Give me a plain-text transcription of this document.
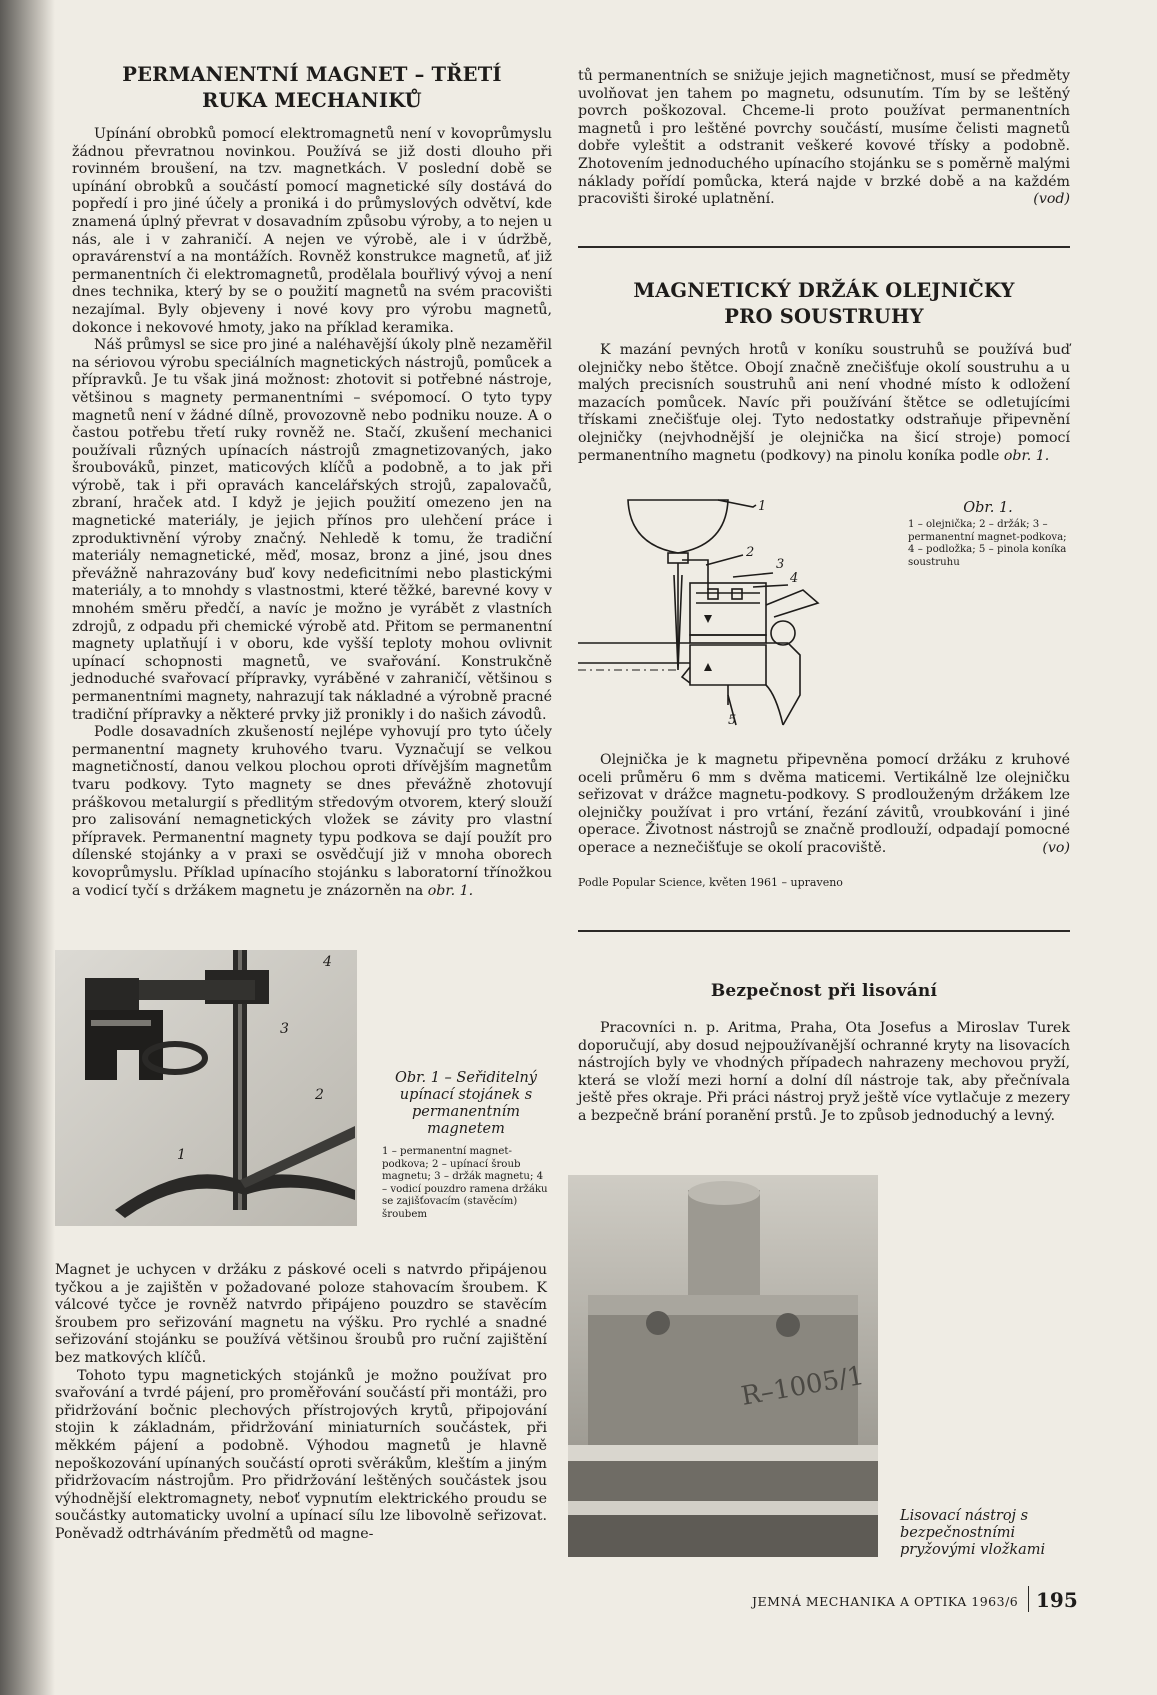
PERMANENTNÍ MAGNET – TŘETÍ RUKA MECHANIKŮ

Upínání obrobků pomocí elektromagnetů není v kovoprůmyslu žádnou převratnou novinkou. Používá se již dosti dlouho při rovinném broušení, na tzv. magnetkách. V poslední době se upínání obrobků a součástí pomocí magnetické síly dostává do popředí i pro jiné účely a proniká i do průmyslových odvětví, kde znamená úplný převrat v dosavadním způsobu výroby, a to nejen u nás, ale i v zahraničí. A nejen ve výrobě, ale i v údržbě, opravárenství a na montážích. Rovněž konstrukce magnetů, ať již permanentních či elektromagnetů, prodělala bouřlivý vývoj a není dnes technika, který by se o použití magnetů na svém pracovišti nezajímal. Byly objeveny i nové kovy pro výrobu magnetů, dokonce i nekovové hmoty, jako na příklad keramika.

Náš průmysl se sice pro jiné a naléhavější úkoly plně nezaměřil na sériovou výrobu speciálních magnetických nástrojů, pomůcek a přípravků. Je tu však jiná možnost: zhotovit si potřebné nástroje, většinou s magnety permanentními – svépomocí. O tyto typy magnetů není v žádné dílně, provozovně nebo podniku nouze. A o častou potřebu třetí ruky rovněž ne. Stačí, zkušení mechanici používali různých upínacích nástrojů zmagnetizovaných, jako šroubováků, pinzet, maticových klíčů a podobně, a to jak při výrobě, tak i při opravách kancelářských strojů, zapalovačů, zbraní, hraček atd. I když je jejich použití omezeno jen na magnetické materiály, je jejich přínos pro ulehčení práce i zproduktivnění výroby značný. Nehledě k tomu, že tradiční materiály nemagnetické, měď, mosaz, bronz a jiné, jsou dnes převážně nahrazovány buď kovy nedeficitními nebo plastickými materiály, a to mnohdy s vlastnostmi, které těžké, barevné kovy v mnohém směru předčí, a navíc je možno je vyrábět z vlastních zdrojů, z odpadu při chemické výrobě atd. Přitom se permanentní magnety uplatňují i v oboru, kde vyšší teploty mohou ovlivnit upínací schopnosti magnetů, ve svařování. Konstrukčně jednoduché svařovací přípravky, vyráběné v zahraničí, většinou s permanentními magnety, nahrazují tak nákladné a výrobně pracné tradiční přípravky a některé prvky již pronikly i do našich závodů.

Podle dosavadních zkušeností nejlépe vyhovují pro tyto účely permanentní magnety kruhového tvaru. Vyznačují se velkou magnetičností, danou velkou plochou oproti dřívějším magnetům tvaru podkovy. Tyto magnety se dnes převážně zhotovují práškovou metalurgií s předlitým středovým otvorem, který slouží pro zalisování nemagnetických vložek se závity pro vlastní přípravek. Permanentní magnety typu podkova se dají použít pro dílenské stojánky a v praxi se osvědčují již v mnoha oborech kovoprůmyslu. Příklad upínacího stojánku s laboratorní třínožkou a vodicí tyčí s držákem magnetu je znázorněn na obr. 1.

4
3
2
1
Obr. 1 – Seřiditelný upínací stojánek s permanentním magnetem
1 – permanentní magnet-podkova; 2 – upínací šroub magnetu; 3 – držák magnetu; 4 – vodicí pouzdro ramena držáku se zajišťovacím (stavěcím) šroubem

Magnet je uchycen v držáku z páskové oceli s natvrdo připájenou tyčkou a je zajištěn v požadované poloze stahovacím šroubem. K válcové tyčce je rovněž natvrdo připájeno pouzdro se stavěcím šroubem pro seřizování magnetu na výšku. Pro rychlé a snadné seřizování stojánku se používá většinou šroubů pro ruční zajištění bez matkových klíčů.

Tohoto typu magnetických stojánků je možno používat pro svařování a tvrdé pájení, pro proměřování součástí při montáži, pro přidržování bočnic plechových přístrojových krytů, připojování stojin k základnám, přidržování miniaturních součástek, při měkkém pájení a podobně. Výhodou magnetů je hlavně nepoškozování upínaných součástí oproti svěrákům, kleštím a jiným přidržovacím nástrojům. Pro přidržování leštěných součástek jsou výhodnější elektromagnety, neboť vypnutím elektrického proudu se součástky automaticky uvolní a upínací sílu lze libovolně seřizovat. Poněvadž odtrháváním předmětů od magne-

tů permanentních se snižuje jejich magnetičnost, musí se předměty uvolňovat jen tahem po magnetu, odsunutím. Tím by se leštěný povrch poškozoval. Chceme-li proto používat permanentních magnetů i pro leštěné povrchy součástí, musíme čelisti magnetů dobře vyleštit a odstranit veškeré kovové třísky a podobně. Zhotovením jednoduchého upínacího stojánku se s poměrně malými náklady pořídí pomůcka, která najde v brzké době a na každém pracovišti široké uplatnění.	(vod)

MAGNETICKÝ DRŽÁK OLEJNIČKY PRO SOUSTRUHY

K mazání pevných hrotů v koníku soustruhů se používá buď olejničky nebo štětce. Obojí značně znečišťuje okolí soustruhu a u malých precisních soustruhů ani není vhodné místo k odložení mazacích pomůcek. Navíc při používání štětce se odletujícími třískami znečišťuje olej. Tyto nedostatky odstraňuje připevnění olejničky (nejvhodnější je olejnička na šicí stroje) pomocí permanentního magnetu (podkovy) na pinolu koníka podle obr. 1.

1
2
3
4
5
Obr. 1.
1 – olejnička; 2 – držák; 3 – permanentní magnet-podkova; 4 – podložka; 5 – pinola koníka soustruhu

Olejnička je k magnetu připevněna pomocí držáku z kruhové oceli průměru 6 mm s dvěma maticemi. Vertikálně lze olejničku seřizovat v drážce magnetu-podkovy. S prodlouženým držákem lze olejničky používat i pro vrtání, řezání závitů, vroubkování i jiné operace. Životnost nástrojů se značně prodlouží, odpadají pomocné operace a neznečišťuje se okolí pracoviště.	(vo)

Podle Popular Science, květen 1961 – upraveno
Bezpečnost při lisování

Pracovníci n. p. Aritma, Praha, Ota Josefus a Miroslav Turek doporučují, aby dosud nejpoužívanější ochranné kryty na lisovacích nástrojích byly ve vhodných případech nahrazeny mechovou pryží, která se vloží mezi horní a dolní díl nástroje tak, aby přečnívala ještě přes okraje. Při práci nástroj pryž ještě více vytlačuje z mezery a bezpečně brání poranění prstů. Je to způsob jednoduchý a levný.

R–1005/1
Lisovací nástroj s bezpečnostními pryžovými vložkami
JEMNÁ MECHANIKA A OPTIKA 1963/6 195
